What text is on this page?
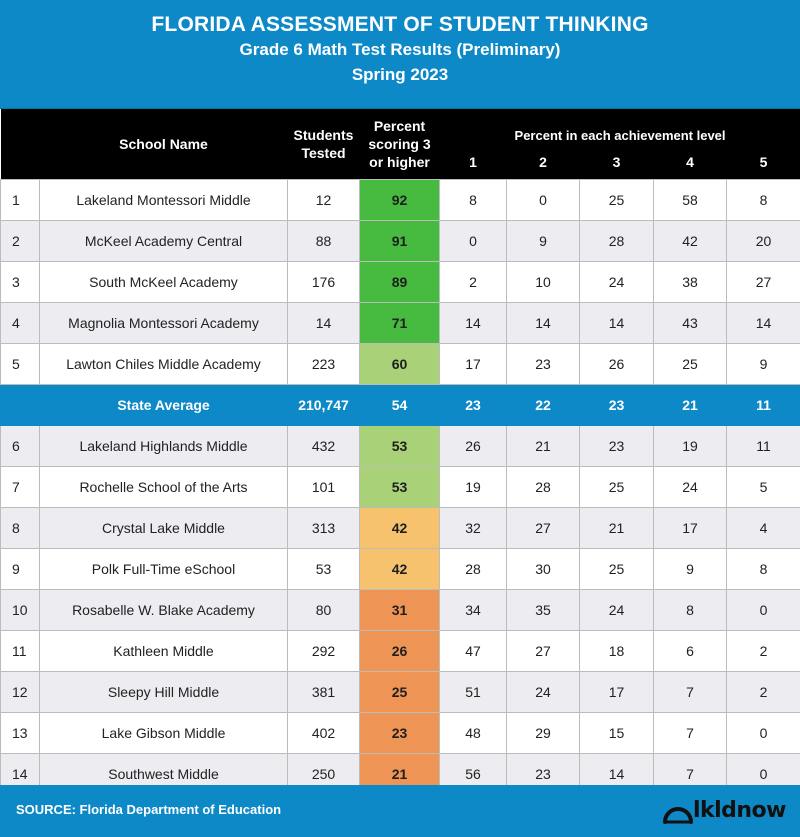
FLORIDA ASSESSMENT OF STUDENT THINKING
Grade 6 Math Test Results (Preliminary)
Spring 2023
	School Name	Students Tested	Percent scoring 3 or higher	Percent in each achievement level				
				1	2	3	4	5
1	Lakeland Montessori Middle	12	92	8	0	25	58	8
2	McKeel Academy Central	88	91	0	9	28	42	20
3	South McKeel Academy	176	89	2	10	24	38	27
4	Magnolia Montessori Academy	14	71	14	14	14	43	14
5	Lawton Chiles Middle Academy	223	60	17	23	26	25	9
	State Average	210,747	54	23	22	23	21	11
6	Lakeland Highlands Middle	432	53	26	21	23	19	11
7	Rochelle School of the Arts	101	53	19	28	25	24	5
8	Crystal Lake Middle	313	42	32	27	21	17	4
9	Polk Full-Time eSchool	53	42	28	30	25	9	8
10	Rosabelle W. Blake Academy	80	31	34	35	24	8	0
11	Kathleen Middle	292	26	47	27	18	6	2
12	Sleepy Hill Middle	381	25	51	24	17	7	2
13	Lake Gibson Middle	402	23	48	29	15	7	0
14	Southwest Middle	250	21	56	23	14	7	0
SOURCE: Florida Department of Education	lkldnow
